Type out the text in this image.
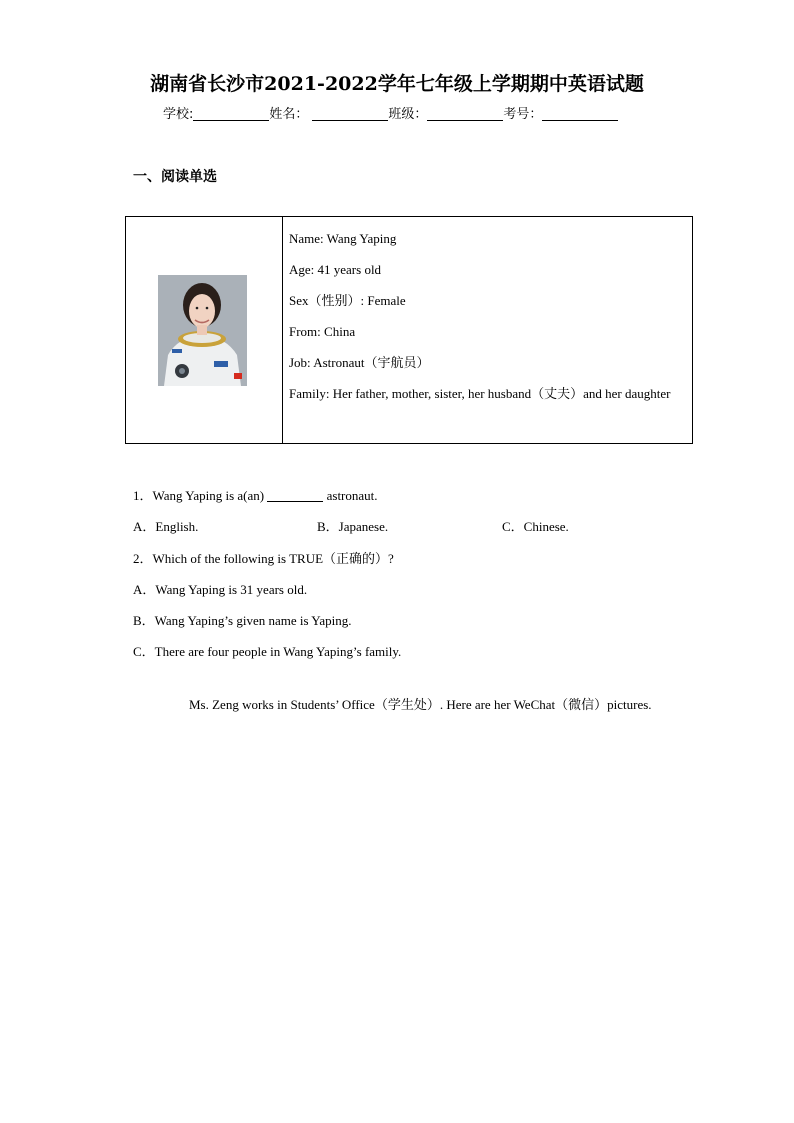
湖南省长沙市2021-2022学年七年级上学期期中英语试题
学校:	姓名：	班级：	考号：
一、阅读单选
Name: Wang Yaping
Age: 41 years old
Sex（性别）: Female
From: China
Job: Astronaut（宇航员）
Family: Her father, mother, sister, her husband（丈夫）and her daughter
1．Wang Yaping is a(an)	astronaut.
A．English.	B．Japanese.	C．Chinese.
2．Which of the following is TRUE（正确的）?
A．Wang Yaping is 31 years old.
B．Wang Yaping’s given name is Yaping.
C．There are four people in Wang Yaping’s family.
Ms. Zeng works in Students’ Office（学生处）. Here are her WeChat（微信）pictures.
